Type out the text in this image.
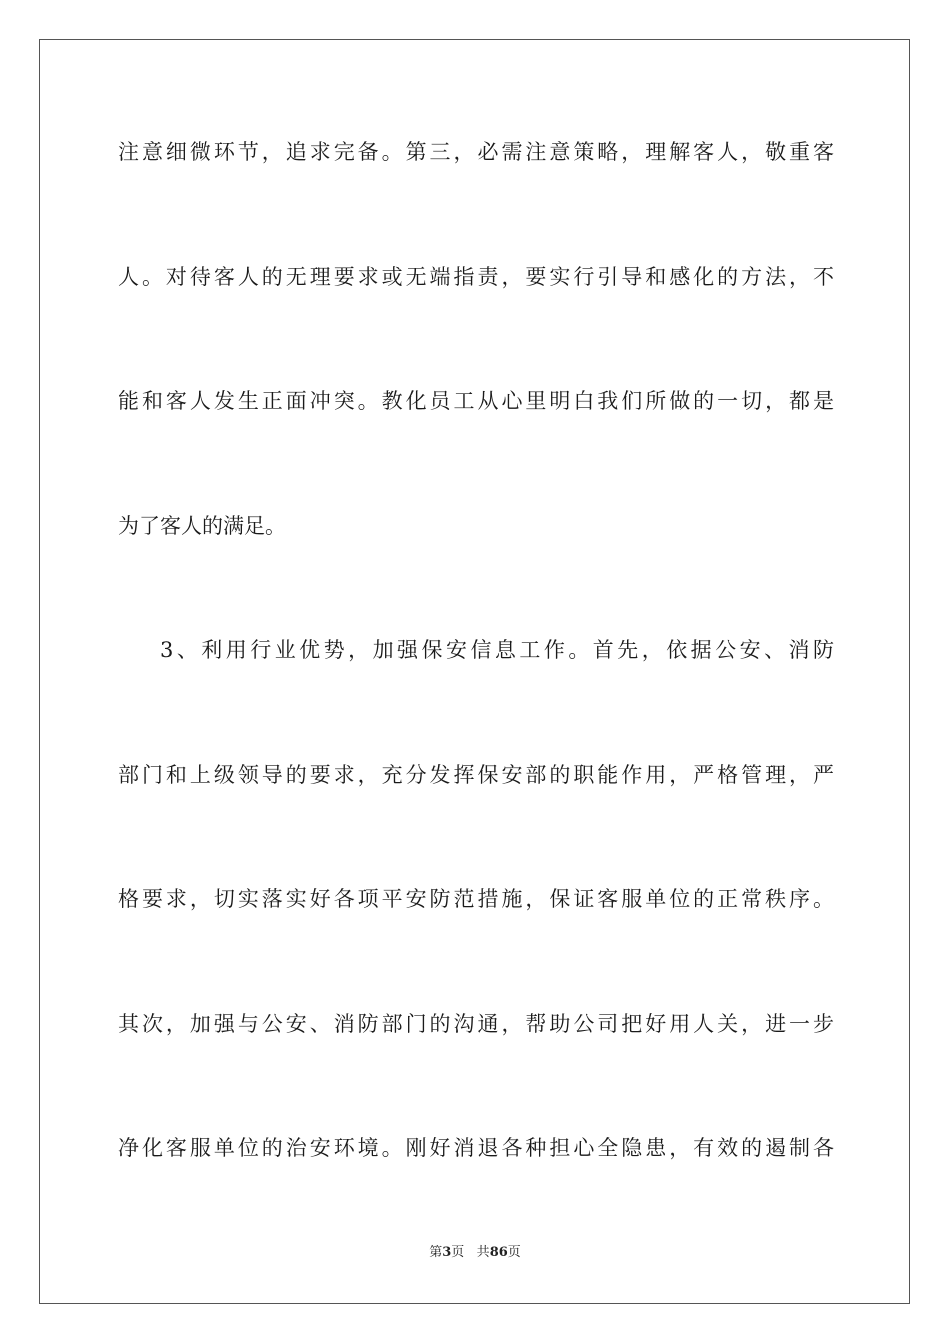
注意细微环节，追求完备。第三，必需注意策略，理解客人，敬重客
人。对待客人的无理要求或无端指责，要实行引导和感化的方法，不
能和客人发生正面冲突。教化员工从心里明白我们所做的一切，都是
为了客人的满足。
3、利用行业优势，加强保安信息工作。首先，依据公安、消防
部门和上级领导的要求，充分发挥保安部的职能作用，严格管理，严
格要求，切实落实好各项平安防范措施，保证客服单位的正常秩序。
其次，加强与公安、消防部门的沟通，帮助公司把好用人关，进一步
净化客服单位的治安环境。刚好消退各种担心全隐患，有效的遏制各
第3页 共86页
